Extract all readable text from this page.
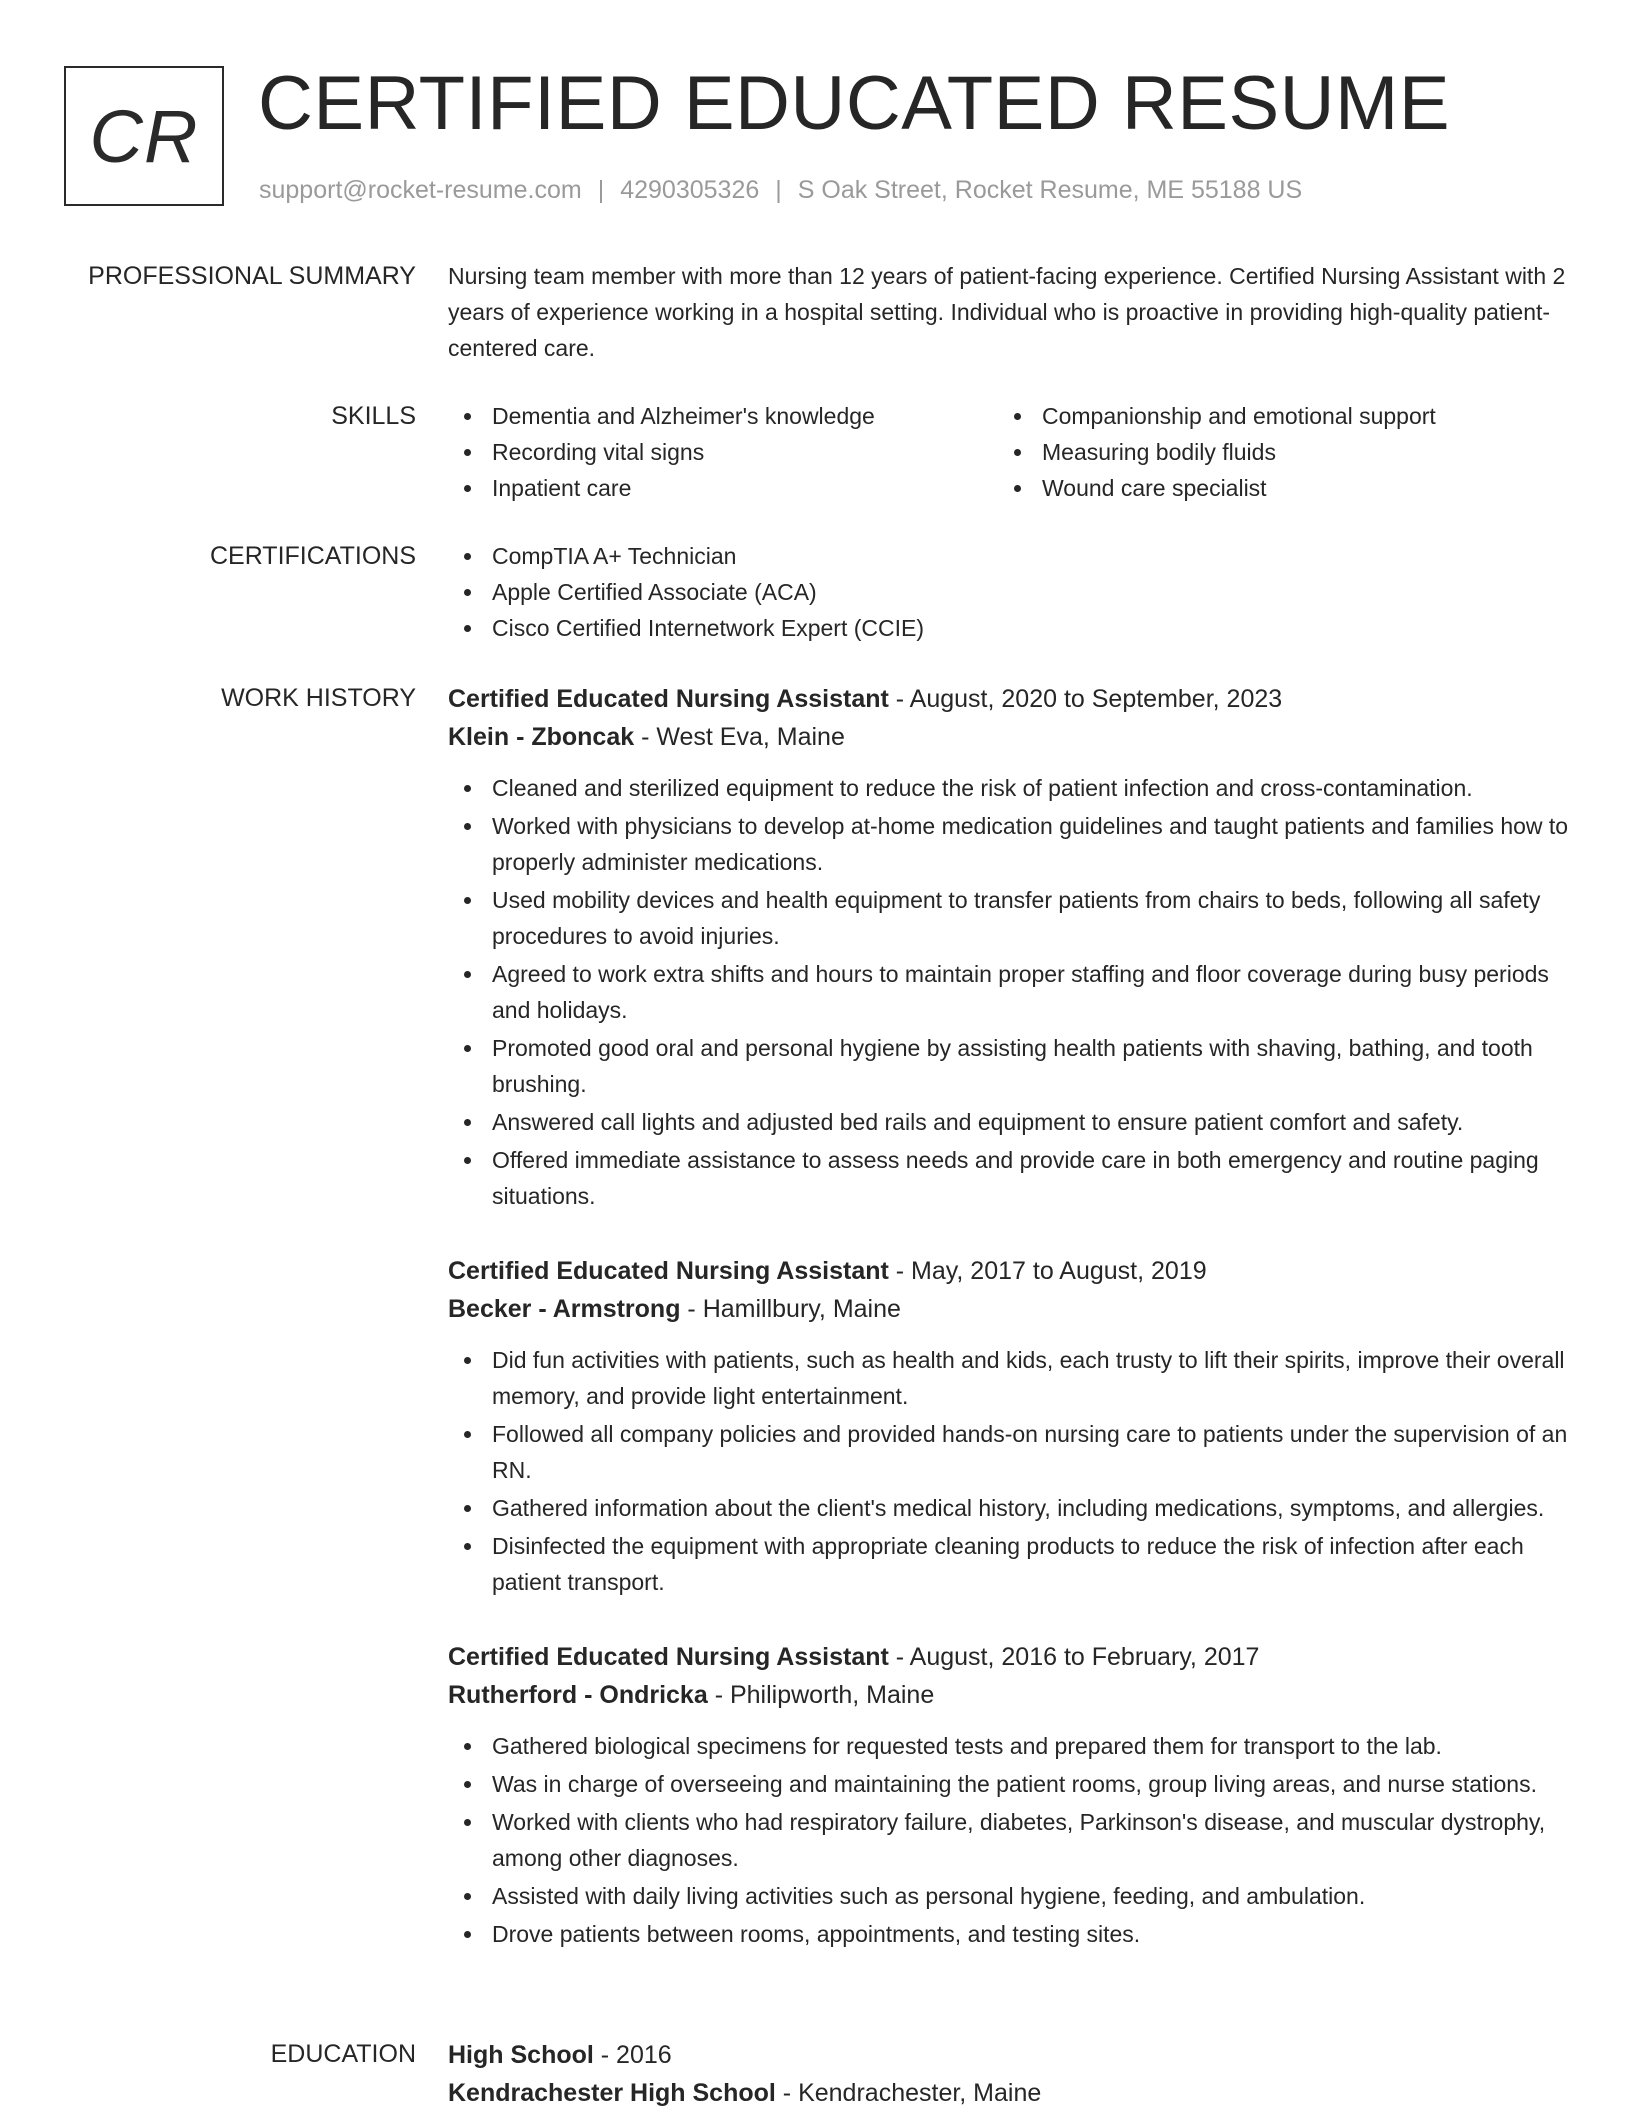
CR CERTIFIED EDUCATED RESUME
support@rocket-resume.com | 4290305326 | S Oak Street, Rocket Resume, ME 55188 US
PROFESSIONAL SUMMARY Nursing team member with more than 12 years of patient-facing experience. Certified Nursing Assistant with 2 years of experience working in a hospital setting. Individual who is proactive in providing high-quality patient-centered care.

SKILLS	Dementia and Alzheimer's knowledge
Recording vital signs
Inpatient care
Companionship and emotional support
Measuring bodily fluids
Wound care specialist
CERTIFICATIONS	CompTIA A+ Technician
Apple Certified Associate (ACA)
Cisco Certified Internetwork Expert (CCIE)
WORK HISTORY Certified Educated Nursing Assistant - August, 2020 to September, 2023
Klein - Zboncak - West Eva, Maine
Cleaned and sterilized equipment to reduce the risk of patient infection and cross-contamination.
Worked with physicians to develop at-home medication guidelines and taught patients and families how to properly administer medications.
Used mobility devices and health equipment to transfer patients from chairs to beds, following all safety procedures to avoid injuries.
Agreed to work extra shifts and hours to maintain proper staffing and floor coverage during busy periods and holidays.
Promoted good oral and personal hygiene by assisting health patients with shaving, bathing, and tooth brushing.
Answered call lights and adjusted bed rails and equipment to ensure patient comfort and safety.
Offered immediate assistance to assess needs and provide care in both emergency and routine paging situations.
Certified Educated Nursing Assistant - May, 2017 to August, 2019
Becker - Armstrong - Hamillbury, Maine
Did fun activities with patients, such as health and kids, each trusty to lift their spirits, improve their overall memory, and provide light entertainment.
Followed all company policies and provided hands-on nursing care to patients under the supervision of an RN.
Gathered information about the client's medical history, including medications, symptoms, and allergies.
Disinfected the equipment with appropriate cleaning products to reduce the risk of infection after each patient transport.
Certified Educated Nursing Assistant - August, 2016 to February, 2017
Rutherford - Ondricka - Philipworth, Maine
Gathered biological specimens for requested tests and prepared them for transport to the lab.
Was in charge of overseeing and maintaining the patient rooms, group living areas, and nurse stations.
Worked with clients who had respiratory failure, diabetes, Parkinson's disease, and muscular dystrophy, among other diagnoses.
Assisted with daily living activities such as personal hygiene, feeding, and ambulation.
Drove patients between rooms, appointments, and testing sites.
EDUCATION High School - 2016
Kendrachester High School - Kendrachester, Maine
